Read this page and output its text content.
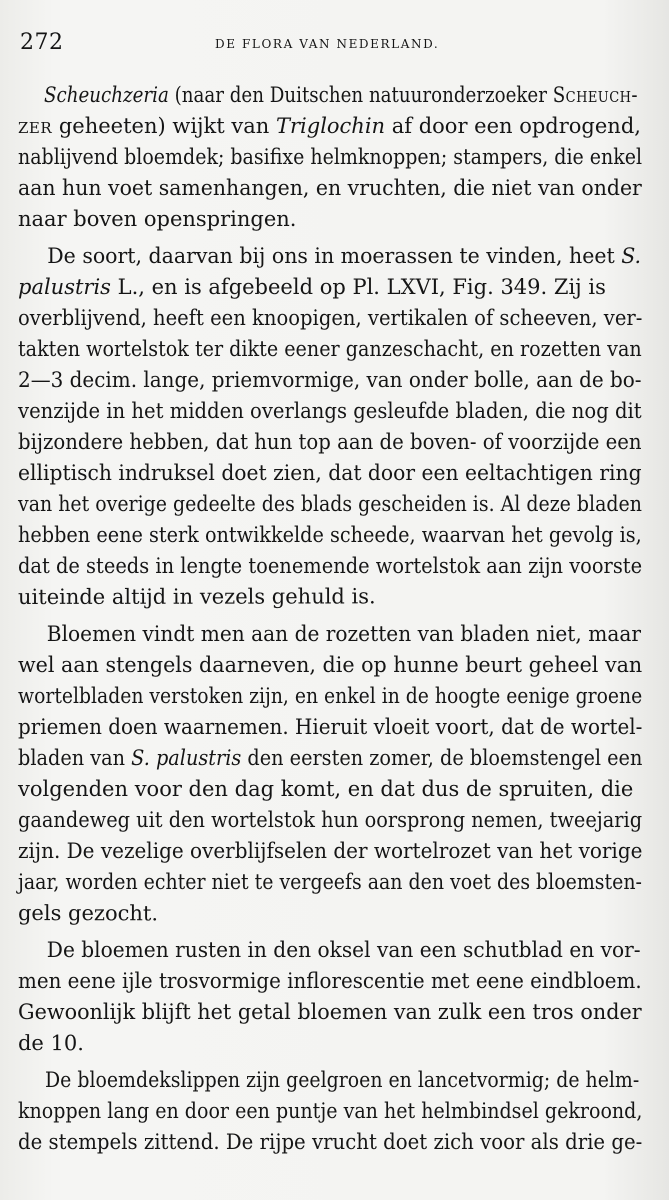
272	DE FLORA VAN NEDERLAND.
Scheuchzeria (naar den Duitschen natuuronderzoeker Scheuch-
zer geheeten) wijkt van Triglochin af door een opdrogend,
nablijvend bloemdek; basifixe helmknoppen; stampers, die enkel
aan hun voet samenhangen, en vruchten, die niet van onder
naar boven openspringen.
De soort, daarvan bij ons in moerassen te vinden, heet S.
palustris L., en is afgebeeld op Pl. LXVI, Fig. 349. Zij is
overblijvend, heeft een knoopigen, vertikalen of scheeven, ver-
takten wortelstok ter dikte eener ganzeschacht, en rozetten van
2—3 decim. lange, priemvormige, van onder bolle, aan de bo-
venzijde in het midden overlangs gesleufde bladen, die nog dit
bijzondere hebben, dat hun top aan de boven- of voorzijde een
elliptisch indruksel doet zien, dat door een eeltachtigen ring
van het overige gedeelte des blads gescheiden is. Al deze bladen
hebben eene sterk ontwikkelde scheede, waarvan het gevolg is,
dat de steeds in lengte toenemende wortelstok aan zijn voorste
uiteinde altijd in vezels gehuld is.
Bloemen vindt men aan de rozetten van bladen niet, maar
wel aan stengels daarneven, die op hunne beurt geheel van
wortelbladen verstoken zijn, en enkel in de hoogte eenige groene
priemen doen waarnemen. Hieruit vloeit voort, dat de wortel-
bladen van S. palustris den eersten zomer, de bloemstengel een
volgenden voor den dag komt, en dat dus de spruiten, die
gaandeweg uit den wortelstok hun oorsprong nemen, tweejarig
zijn. De vezelige overblijfselen der wortelrozet van het vorige
jaar, worden echter niet te vergeefs aan den voet des bloemsten-
gels gezocht.
De bloemen rusten in den oksel van een schutblad en vor-
men eene ijle trosvormige inflorescentie met eene eindbloem.
Gewoonlijk blijft het getal bloemen van zulk een tros onder
de 10.
De bloemdekslippen zijn geelgroen en lancetvormig; de helm-
knoppen lang en door een puntje van het helmbindsel gekroond,
de stempels zittend. De rijpe vrucht doet zich voor als drie ge-
